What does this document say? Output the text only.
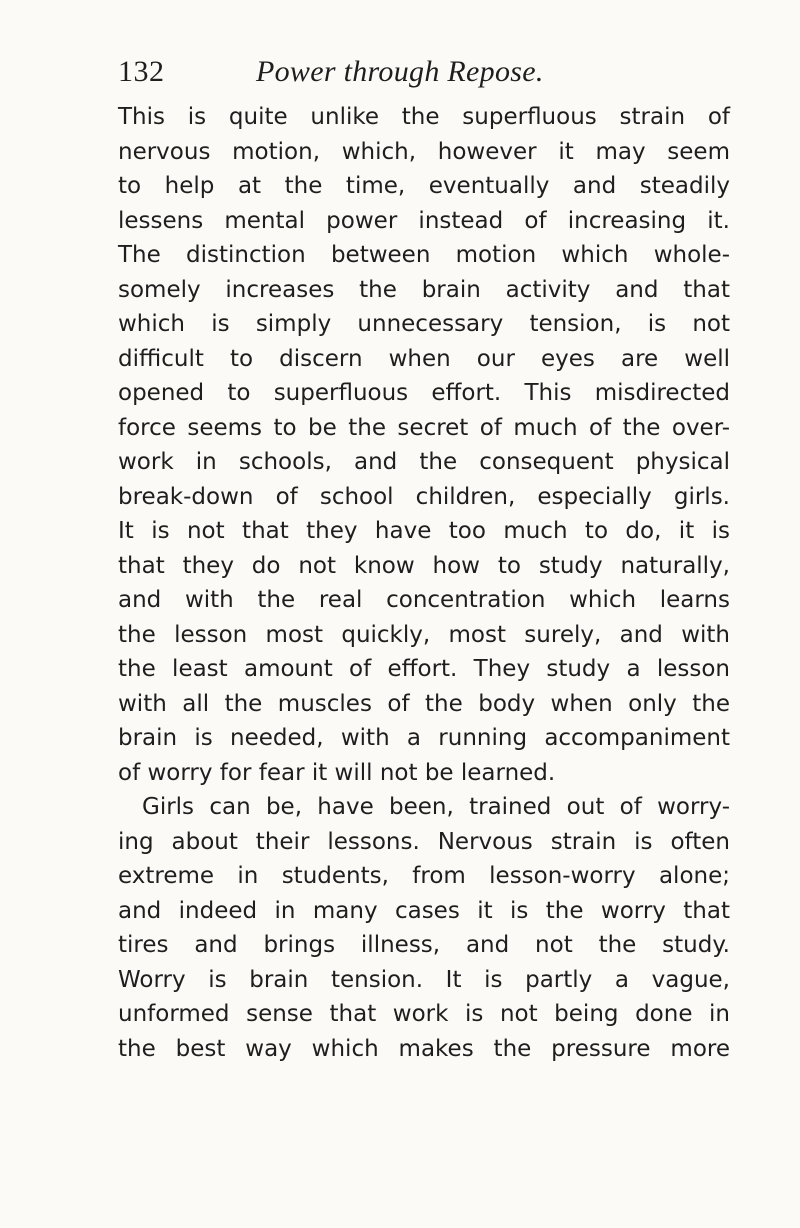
132	Power through Repose.
This is quite unlike the superfluous strain of
nervous motion, which, however it may seem
to help at the time, eventually and steadily
lessens mental power instead of increasing it.
The distinction between motion which whole-
somely increases the brain activity and that
which is simply unnecessary tension, is not
difficult to discern when our eyes are well
opened to superfluous effort. This misdirected
force seems to be the secret of much of the over-
work in schools, and the consequent physical
break-down of school children, especially girls.
It is not that they have too much to do, it is
that they do not know how to study naturally,
and with the real concentration which learns
the lesson most quickly, most surely, and with
the least amount of effort. They study a lesson
with all the muscles of the body when only the
brain is needed, with a running accompaniment
of worry for fear it will not be learned.
Girls can be, have been, trained out of worry-
ing about their lessons. Nervous strain is often
extreme in students, from lesson-worry alone;
and indeed in many cases it is the worry that
tires and brings illness, and not the study.
Worry is brain tension. It is partly a vague,
unformed sense that work is not being done in
the best way which makes the pressure more
